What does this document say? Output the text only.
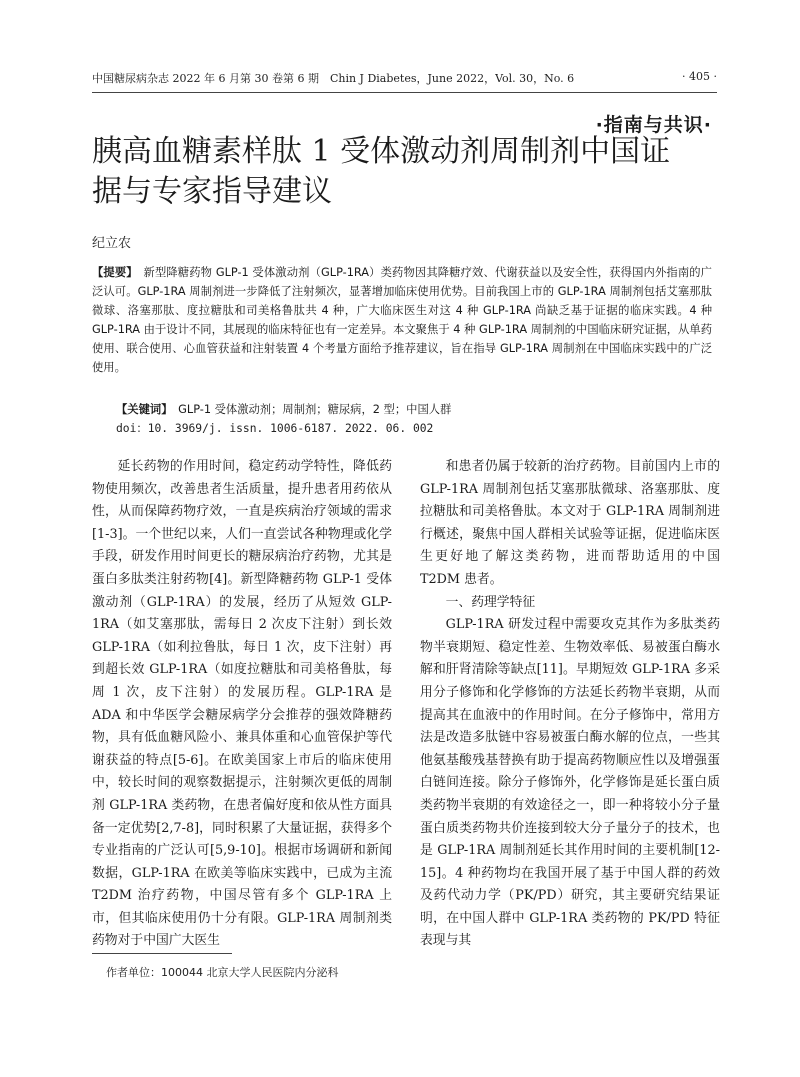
中国糖尿病杂志 2022 年 6 月第 30 卷第 6 期　Chin J Diabetes，June 2022，Vol. 30，No. 6	· 405 ·
·指南与共识·
胰高血糖素样肽 1 受体激动剂周制剂中国证据与专家指导建议
纪立农

【提要】　 新型降糖药物 GLP-1 受体激动剂（GLP-1RA）类药物因其降糖疗效、代谢获益以及安全性，获得国内外指南的广泛认可。GLP-1RA 周制剂进一步降低了注射频次，显著增加临床使用优势。目前我国上市的 GLP-1RA 周制剂包括艾塞那肽微球、洛塞那肽、度拉糖肽和司美格鲁肽共 4 种，广大临床医生对这 4 种 GLP-1RA 尚缺乏基于证据的临床实践。4 种 GLP-1RA 由于设计不同，其展现的临床特征也有一定差异。本文聚焦于 4 种 GLP-1RA 周制剂的中国临床研究证据，从单药使用、联合使用、心血管获益和注射装置 4 个考量方面给予推荐建议，旨在指导 GLP-1RA 周制剂在中国临床实践中的广泛使用。

【关键词】　 GLP-1 受体激动剂；周制剂；糖尿病，2 型；中国人群
doi：10. 3969/j. issn. 1006-6187. 2022. 06. 002

延长药物的作用时间，稳定药动学特性，降低药物使用频次，改善患者生活质量，提升患者用药依从性，从而保障药物疗效，一直是疾病治疗领域的需求[1-3]。一个世纪以来，人们一直尝试各种物理或化学手段，研发作用时间更长的糖尿病治疗药物，尤其是蛋白多肽类注射药物[4]。新型降糖药物 GLP-1 受体激动剂（GLP-1RA）的发展，经历了从短效 GLP-1RA（如艾塞那肽，需每日 2 次皮下注射）到长效 GLP-1RA（如利拉鲁肽，每日 1 次，皮下注射）再到超长效 GLP-1RA（如度拉糖肽和司美格鲁肽，每周 1 次，皮下注射）的发展历程。GLP-1RA 是 ADA 和中华医学会糖尿病学分会推荐的强效降糖药物，具有低血糖风险小、兼具体重和心血管保护等代谢获益的特点[5-6]。在欧美国家上市后的临床使用中，较长时间的观察数据提示，注射频次更低的周制剂 GLP-1RA 类药物，在患者偏好度和依从性方面具备一定优势[2,7-8]，同时积累了大量证据，获得多个专业指南的广泛认可[5,9-10]。根据市场调研和新闻数据，GLP-1RA 在欧美等临床实践中，已成为主流 T2DM 治疗药物，中国尽管有多个 GLP-1RA 上市，但其临床使用仍十分有限。GLP-1RA 周制剂类药物对于中国广大医生

和患者仍属于较新的治疗药物。目前国内上市的 GLP-1RA 周制剂包括艾塞那肽微球、洛塞那肽、度拉糖肽和司美格鲁肽。本文对于 GLP-1RA 周制剂进行概述，聚焦中国人群相关试验等证据，促进临床医生更好地了解这类药物，进而帮助适用的中国 T2DM 患者。

一、药理学特征

GLP-1RA 研发过程中需要攻克其作为多肽类药物半衰期短、稳定性差、生物效率低、易被蛋白酶水解和肝肾清除等缺点[11]。早期短效 GLP-1RA 多采用分子修饰和化学修饰的方法延长药物半衰期，从而提高其在血液中的作用时间。在分子修饰中，常用方法是改造多肽链中容易被蛋白酶水解的位点，一些其他氨基酸残基替换有助于提高药物顺应性以及增强蛋白链间连接。除分子修饰外，化学修饰是延长蛋白质类药物半衰期的有效途径之一，即一种将较小分子量蛋白质类药物共价连接到较大分子量分子的技术，也是 GLP-1RA 周制剂延长其作用时间的主要机制[12-15]。4 种药物均在我国开展了基于中国人群的药效及药代动力学（PK/PD）研究，其主要研究结果证明，在中国人群中 GLP-1RA 类药物的 PK/PD 特征表现与其

作者单位：100044 北京大学人民医院内分泌科
